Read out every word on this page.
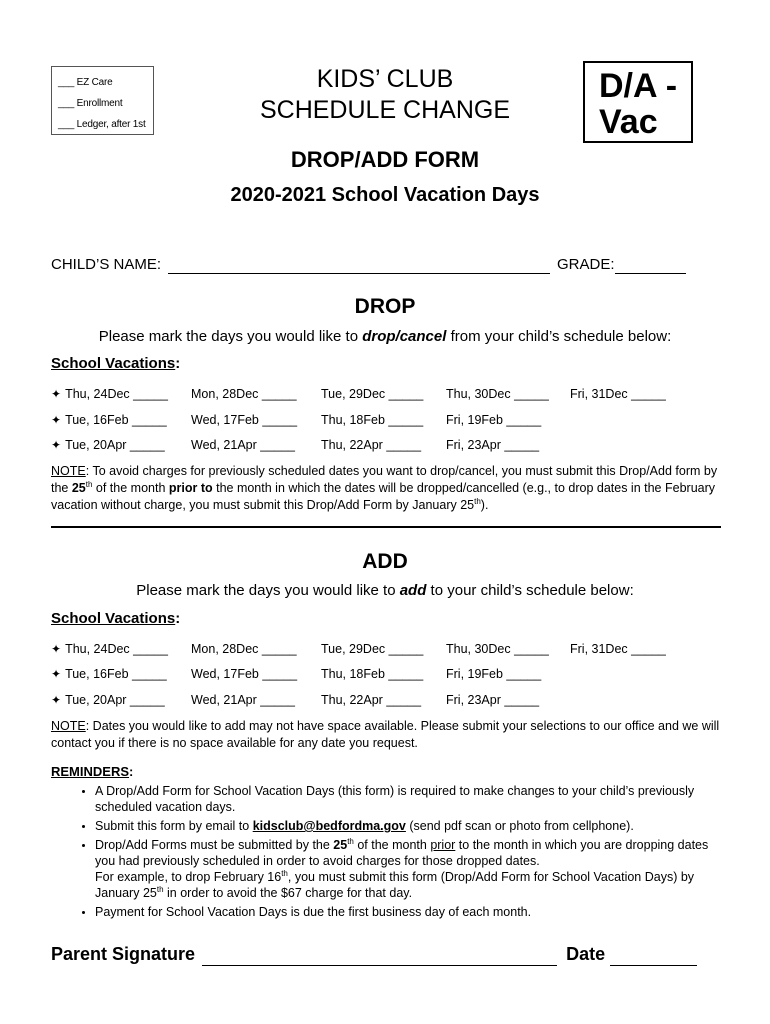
___ EZ Care
___ Enrollment
___ Ledger, after 1st
KIDS’ CLUB
SCHEDULE CHANGE
D/A -
Vac
DROP/ADD FORM
2020-2021 School Vacation Days
CHILD’S NAME:	GRADE:
DROP
Please mark the days you would like to drop/cancel from your child’s schedule below:
School Vacations:
✦ Thu, 24Dec _____ Mon, 28Dec _____ Tue, 29Dec _____ Thu, 30Dec _____ Fri, 31Dec _____
✦ Tue, 16Feb _____ Wed, 17Feb _____ Thu, 18Feb _____ Fri, 19Feb _____
✦ Tue, 20Apr _____ Wed, 21Apr _____ Thu, 22Apr _____ Fri, 23Apr _____
NOTE: To avoid charges for previously scheduled dates you want to drop/cancel, you must submit this Drop/Add form by the 25th of the month prior to the month in which the dates will be dropped/cancelled (e.g., to drop dates in the February vacation without charge, you must submit this Drop/Add Form by January 25th).
ADD
Please mark the days you would like to add to your child’s schedule below:
School Vacations:
✦ Thu, 24Dec _____ Mon, 28Dec _____ Tue, 29Dec _____ Thu, 30Dec _____ Fri, 31Dec _____
✦ Tue, 16Feb _____ Wed, 17Feb _____ Thu, 18Feb _____ Fri, 19Feb _____
✦ Tue, 20Apr _____ Wed, 21Apr _____ Thu, 22Apr _____ Fri, 23Apr _____
NOTE: Dates you would like to add may not have space available. Please submit your selections to our office and we will contact you if there is no space available for any date you request.
REMINDERS:
• A Drop/Add Form for School Vacation Days (this form) is required to make changes to your child’s previously scheduled vacation days.
• Submit this form by email to kidsclub@bedfordma.gov (send pdf scan or photo from cellphone).
• Drop/Add Forms must be submitted by the 25th of the month prior to the month in which you are dropping dates you had previously scheduled in order to avoid charges for those dropped dates.
For example, to drop February 16th, you must submit this form (Drop/Add Form for School Vacation Days) by January 25th in order to avoid the $67 charge for that day.
• Payment for School Vacation Days is due the first business day of each month.
Parent Signature	Date
